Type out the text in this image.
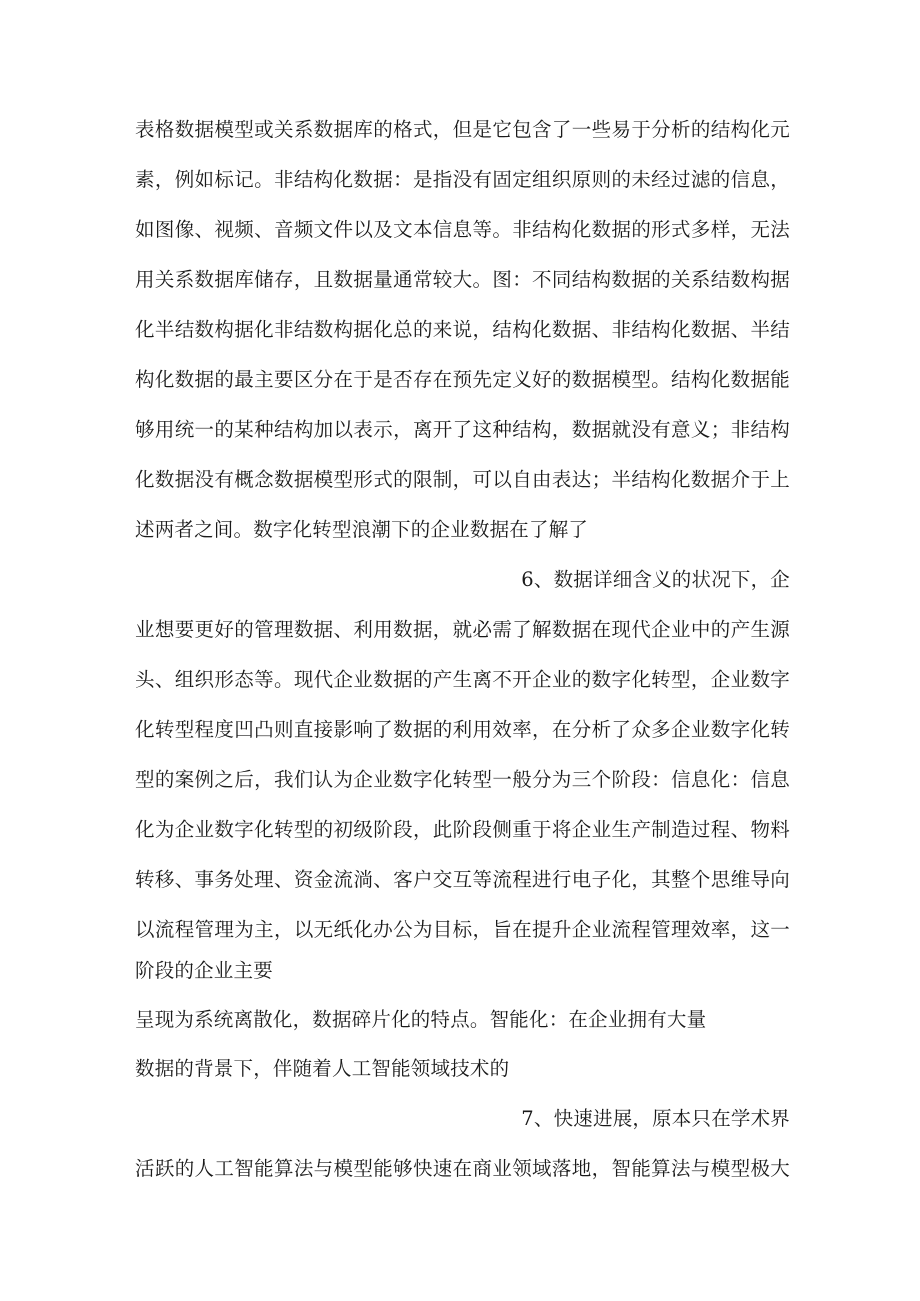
表格数据模型或关系数据库的格式，但是它包含了一些易于分析的结构化元
素，例如标记。非结构化数据：是指没有固定组织原则的未经过滤的信息，
如图像、视频、音频文件以及文本信息等。非结构化数据的形式多样，无法
用关系数据库储存，且数据量通常较大。图：不同结构数据的关系结数构据
化半结数构据化非结数构据化总的来说，结构化数据、非结构化数据、半结
构化数据的最主要区分在于是否存在预先定义好的数据模型。结构化数据能
够用统一的某种结构加以表示，离开了这种结构，数据就没有意义；非结构
化数据没有概念数据模型形式的限制，可以自由表达；半结构化数据介于上
述两者之间。数字化转型浪潮下的企业数据在了解了
6、数据详细含义的状况下，企
业想要更好的管理数据、利用数据，就必需了解数据在现代企业中的产生源
头、组织形态等。现代企业数据的产生离不开企业的数字化转型，企业数字
化转型程度凹凸则直接影响了数据的利用效率，在分析了众多企业数字化转
型的案例之后，我们认为企业数字化转型一般分为三个阶段：信息化：信息
化为企业数字化转型的初级阶段，此阶段侧重于将企业生产制造过程、物料
转移、事务处理、资金流淌、客户交互等流程进行电子化，其整个思维导向
以流程管理为主，以无纸化办公为目标，旨在提升企业流程管理效率，这一
阶段的企业主要
呈现为系统离散化，数据碎片化的特点。智能化：在企业拥有大量
数据的背景下，伴随着人工智能领域技术的
7、快速进展，原本只在学术界
活跃的人工智能算法与模型能够快速在商业领域落地，智能算法与模型极大
